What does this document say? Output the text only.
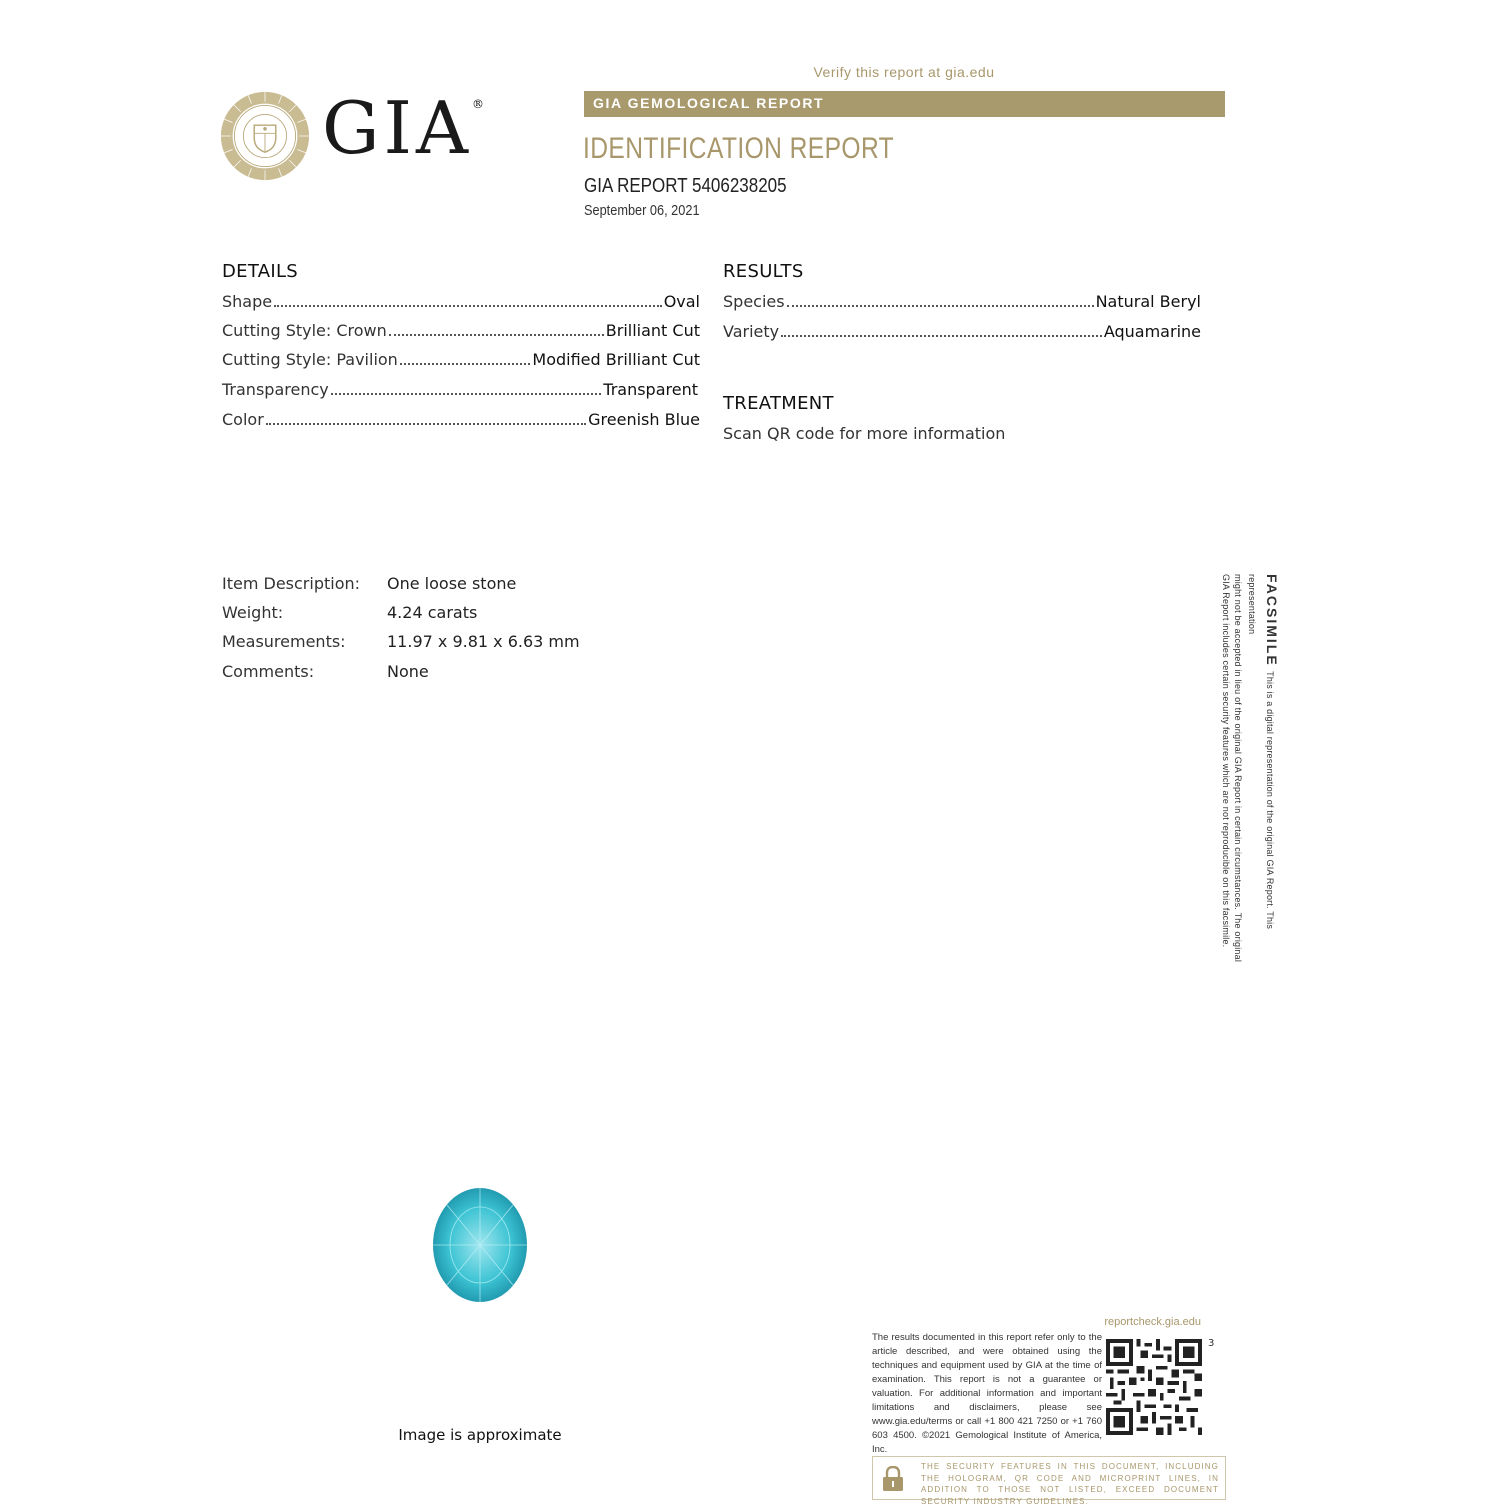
Verify this report at gia.edu
GIA GEMOLOGICAL REPORT
IDENTIFICATION REPORT
GIA REPORT 5406238205
September 06, 2021
GIA®
DETAILS
Shape	Oval
Cutting Style: Crown	Brilliant Cut
Cutting Style: Pavilion	Modified Brilliant Cut
Transparency	Transparent
Color	Greenish Blue
RESULTS
Species	Natural Beryl
Variety	Aquamarine
TREATMENT
Scan QR code for more information
Item Description: One loose stone
Weight:	4.24 carats
Measurements:	11.97 x 9.81 x 6.63 mm
Comments:	None
FACSIMILE This is a digital representation of the original GIA Report. This representation
might not be accepted in lieu of the original GIA Report in certain circumstances. The original
GIA Report includes certain security features which are not reproducible on this facsimile.
Image is approximate
reportcheck.gia.edu
The results documented in this report refer only to the article described, and were obtained using the techniques and equipment used by GIA at the time of examination. This report is not a guarantee or valuation. For additional information and important limitations and disclaimers, please see www.gia.edu/terms or call +1 800 421 7250 or +1 760 603 4500. ©2021 Gemological Institute of America, Inc.
3
THE SECURITY FEATURES IN THIS DOCUMENT, INCLUDING THE HOLOGRAM, QR CODE AND MICROPRINT LINES, IN ADDITION TO THOSE NOT LISTED, EXCEED DOCUMENT SECURITY INDUSTRY GUIDELINES.
